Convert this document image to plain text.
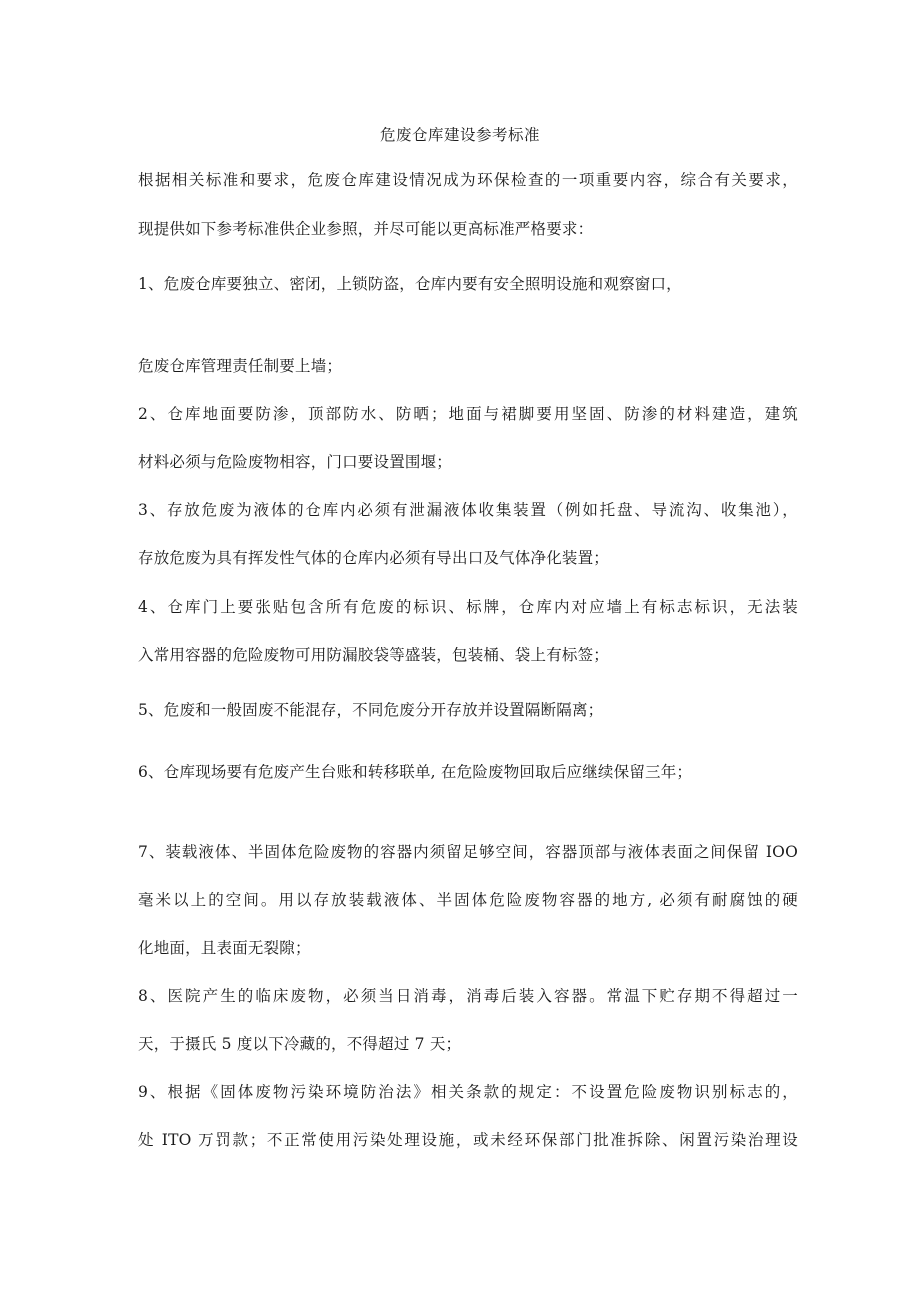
危废仓库建设参考标准
根据相关标准和要求，危废仓库建设情况成为环保检查的一项重要内容，综合有关要求，
现提供如下参考标准供企业参照，并尽可能以更高标准严格要求：
1、危废仓库要独立、密闭，上锁防盗，仓库内要有安全照明设施和观察窗口，
危废仓库管理责任制要上墙；
2、仓库地面要防渗，顶部防水、防晒；地面与裙脚要用坚固、防渗的材料建造，建筑
材料必须与危险废物相容，门口要设置围堰；
3、存放危废为液体的仓库内必须有泄漏液体收集装置（例如托盘、导流沟、收集池），
存放危废为具有挥发性气体的仓库内必须有导出口及气体净化装置；
4、仓库门上要张贴包含所有危废的标识、标牌，仓库内对应墙上有标志标识，无法装
入常用容器的危险废物可用防漏胶袋等盛装，包装桶、袋上有标签；
5、危废和一般固废不能混存，不同危废分开存放并设置隔断隔离；
6、仓库现场要有危废产生台账和转移联单, 在危险废物回取后应继续保留三年；
7、装载液体、半固体危险废物的容器内须留足够空间，容器顶部与液体表面之间保留 IOO
毫米以上的空间。用以存放装载液体、半固体危险废物容器的地方, 必须有耐腐蚀的硬
化地面，且表面无裂隙；
8、医院产生的临床废物，必须当日消毒，消毒后装入容器。常温下贮存期不得超过一
天，于摄氏 5 度以下冷藏的，不得超过 7 天；
9、根据《固体废物污染环境防治法》相关条款的规定：不设置危险废物识别标志的，
处 ITO 万罚款；不正常使用污染处理设施，或未经环保部门批准拆除、闲置污染治理设
